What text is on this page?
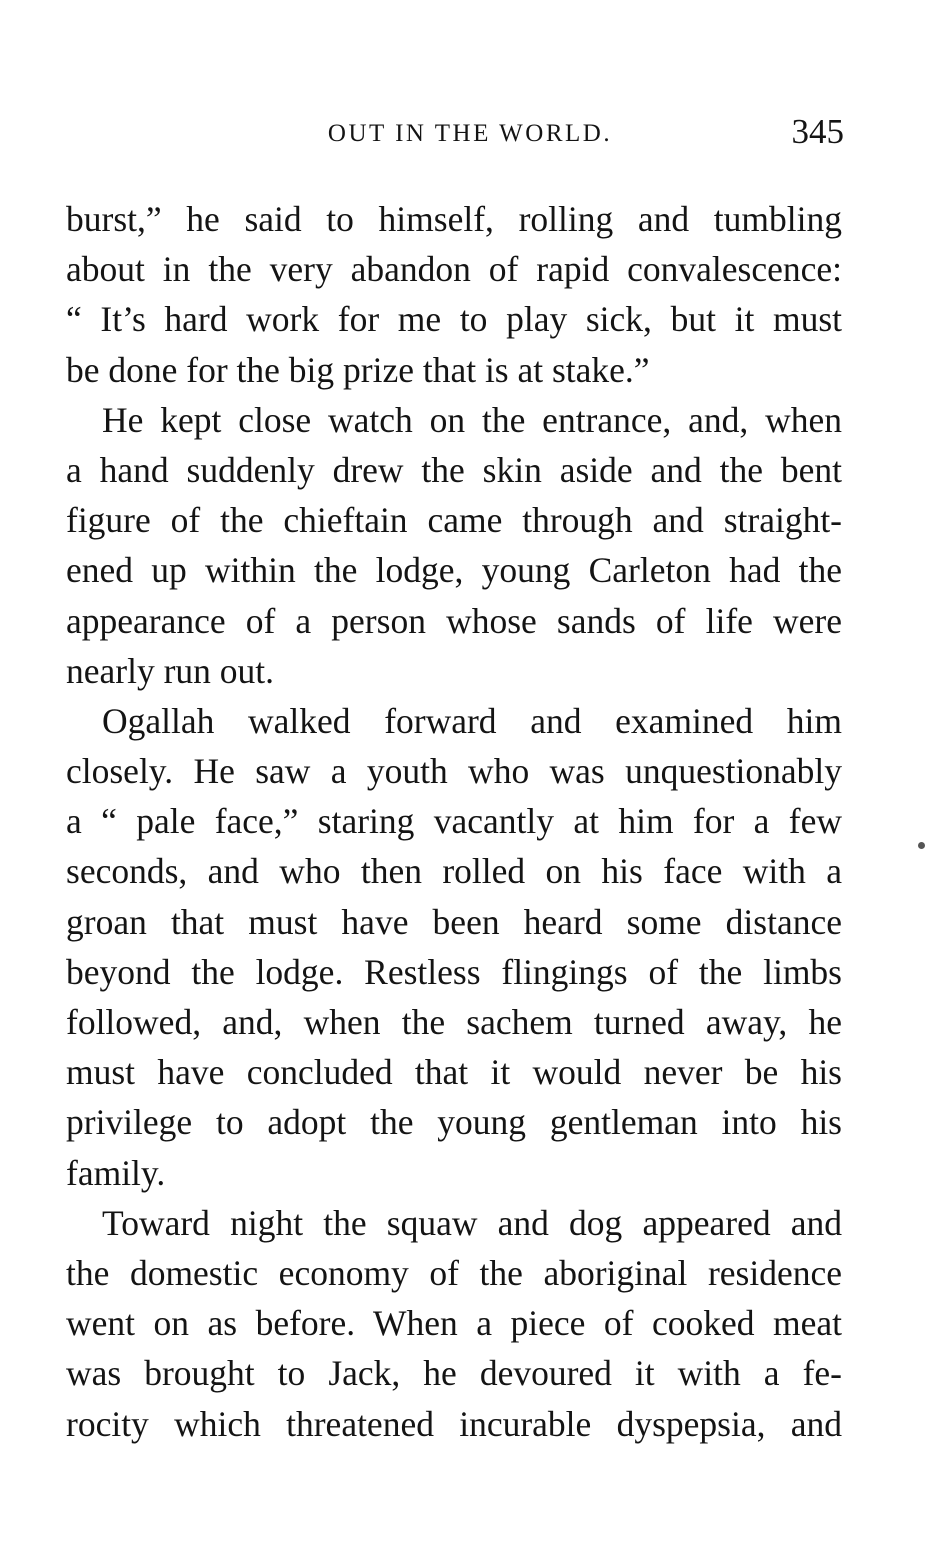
OUT IN THE WORLD.	345
burst,” he said to himself, rolling and tumbling
about in the very abandon of rapid convalescence:
“ It’s hard work for me to play sick, but it must
be done for the big prize that is at stake.”
He kept close watch on the entrance, and, when
a hand suddenly drew the skin aside and the bent
figure of the chieftain came through and straight-
ened up within the lodge, young Carleton had the
appearance of a person whose sands of life were
nearly run out.
Ogallah walked forward and examined him
closely. He saw a youth who was unquestionably
a “ pale face,” staring vacantly at him for a few
seconds, and who then rolled on his face with a
groan that must have been heard some distance
beyond the lodge. Restless flingings of the limbs
followed, and, when the sachem turned away, he
must have concluded that it would never be his
privilege to adopt the young gentleman into his
family.
Toward night the squaw and dog appeared and
the domestic economy of the aboriginal residence
went on as before. When a piece of cooked meat
was brought to Jack, he devoured it with a fe-
rocity which threatened incurable dyspepsia, and
